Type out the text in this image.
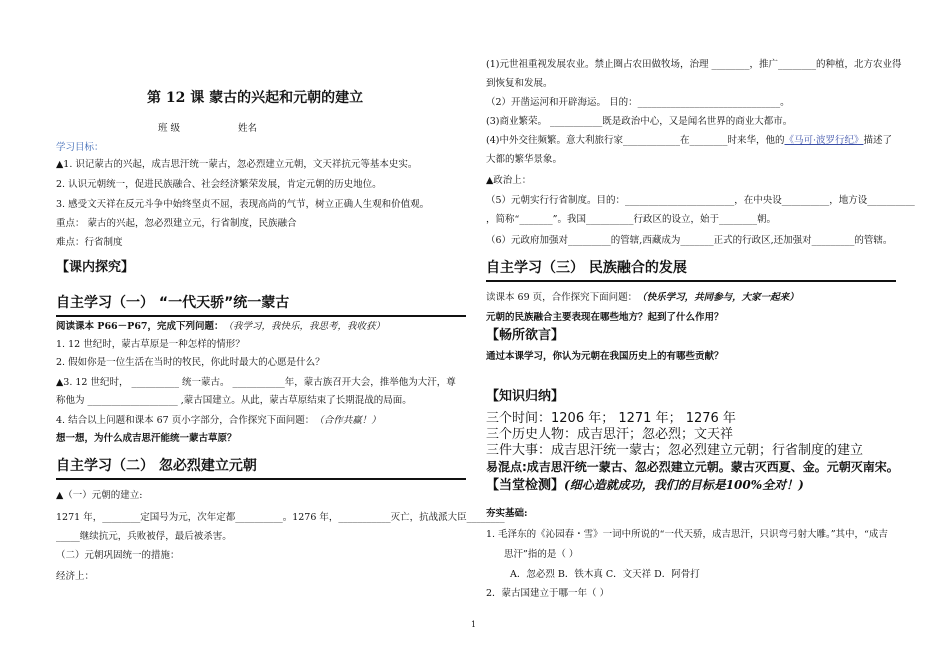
第 12 课 蒙古的兴起和元朝的建立
班 级	姓名
学习目标：
▲1. 识记蒙古的兴起，成吉思汗统一蒙古，忽必烈建立元朝，文天祥抗元等基本史实。
2. 认识元朝统一，促进民族融合、社会经济繁荣发展，肯定元朝的历史地位。
3. 感受文天祥在反元斗争中始终坚贞不屈，表现高尚的气节，树立正确人生观和价值观。
重点： 蒙古的兴起，忽必烈建立元，行省制度，民族融合
难点：行省制度
【课内探究】
自主学习（一） “一代天骄”统一蒙古
阅读课本 P66－P67，完成下列问题：（我学习，我快乐，我思考，我收获）
1. 12 世纪时，蒙古草原是一种怎样的情形？
2. 假如你是一位生活在当时的牧民，你此时最大的心愿是什么？
▲3. 12 世纪时， __________ 统一蒙古。 ___________年，蒙古族召开大会，推举他为大汗，尊
称他为 ___________________ ,蒙古国建立。从此，蒙古草原结束了长期混战的局面。
4. 结合以上问题和课本 67 页小字部分，合作探究下面问题：（合作共赢！）
想一想，为什么成吉思汗能统一蒙古草原？
自主学习（二） 忽必烈建立元朝
▲（一）元朝的建立:
1271 年，________定国号为元，次年定都__________。1276 年，___________灭亡，抗战派大臣________
_____继续抗元，兵败被俘，最后被杀害。
（二）元朝巩固统一的措施：
经济上：
(1)元世祖重视发展农业。禁止圈占农田做牧场，治理 ________，推广________的种植，北方农业得
到恢复和发展。
（2）开凿运河和开辟海运。 目的：______________________________。
(3)商业繁荣。 ___________既是政治中心，又是闻名世界的商业大都市。
(4)中外交往频繁。意大利旅行家____________在________时来华，他的《马可·波罗行纪》描述了
大都的繁华景象。
▲政治上：
（5）元朝实行行省制度。目的：_______________________，在中央设__________，地方设__________
，简称“_______”。我国__________行政区的设立，始于________朝。
（6）元政府加强对_________的管辖,西藏成为_______正式的行政区,还加强对_________的管辖。
自主学习（三） 民族融合的发展
读课本 69 页，合作探究下面问题：（快乐学习，共同参与，大家一起来）
元朝的民族融合主要表现在哪些地方？起到了什么作用？
【畅所欲言】
通过本课学习，你认为元朝在我国历史上的有哪些贡献？
【知识归纳】
三个时间：1206 年； 1271 年； 1276 年
三个历史人物：成吉思汗；忽必烈；文天祥
三件大事：成吉思汗统一蒙古；忽必烈建立元朝；行省制度的建立
易混点:成吉思汗统一蒙古、忽必烈建立元朝。蒙古灭西夏、金。元朝灭南宋。
【当堂检测】(细心造就成功，我们的目标是100%全对！)
夯实基础:
1. 毛泽东的《沁园春・雪》一词中所说的“一代天骄，成吉思汗，只识弯弓射大雕。”其中，“成吉
思汗”指的是（ ）
A．忽必烈 B．铁木真 C．文天祥 D．阿骨打
2．蒙古国建立于哪一年（ ）
1
